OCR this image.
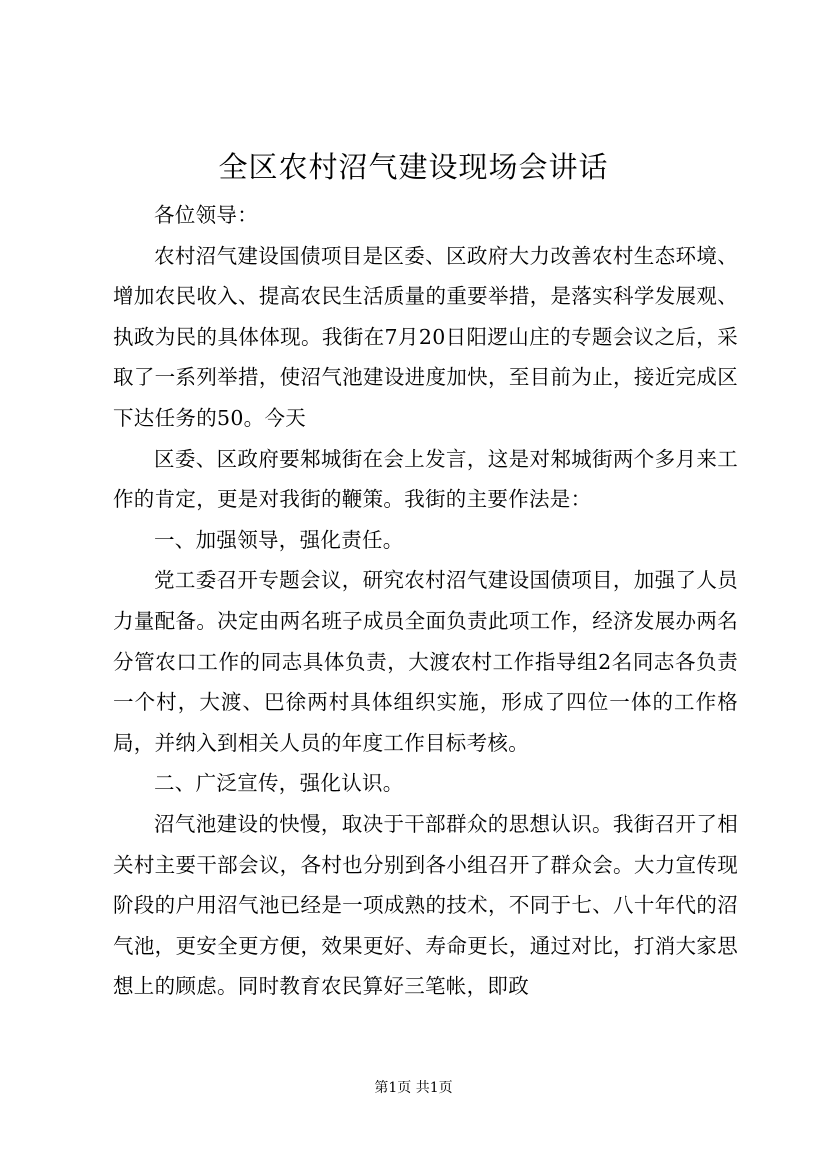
全区农村沼气建设现场会讲话

各位领导：

农村沼气建设国债项目是区委、区政府大力改善农村生态环境、增加农民收入、提高农民生活质量的重要举措，是落实科学发展观、执政为民的具体体现。我街在7月20日阳逻山庄的专题会议之后，采取了一系列举措，使沼气池建设进度加快，至目前为止，接近完成区下达任务的50。今天

区委、区政府要邾城街在会上发言，这是对邾城街两个多月来工作的肯定，更是对我街的鞭策。我街的主要作法是：

一、加强领导，强化责任。

党工委召开专题会议，研究农村沼气建设国债项目，加强了人员力量配备。决定由两名班子成员全面负责此项工作，经济发展办两名分管农口工作的同志具体负责，大渡农村工作指导组2名同志各负责一个村，大渡、巴徐两村具体组织实施，形成了四位一体的工作格局，并纳入到相关人员的年度工作目标考核。

二、广泛宣传，强化认识。

沼气池建设的快慢，取决于干部群众的思想认识。我街召开了相关村主要干部会议，各村也分别到各小组召开了群众会。大力宣传现阶段的户用沼气池已经是一项成熟的技术，不同于七、八十年代的沼气池，更安全更方便，效果更好、寿命更长，通过对比，打消大家思想上的顾虑。同时教育农民算好三笔帐，即政

第1页 共1页
